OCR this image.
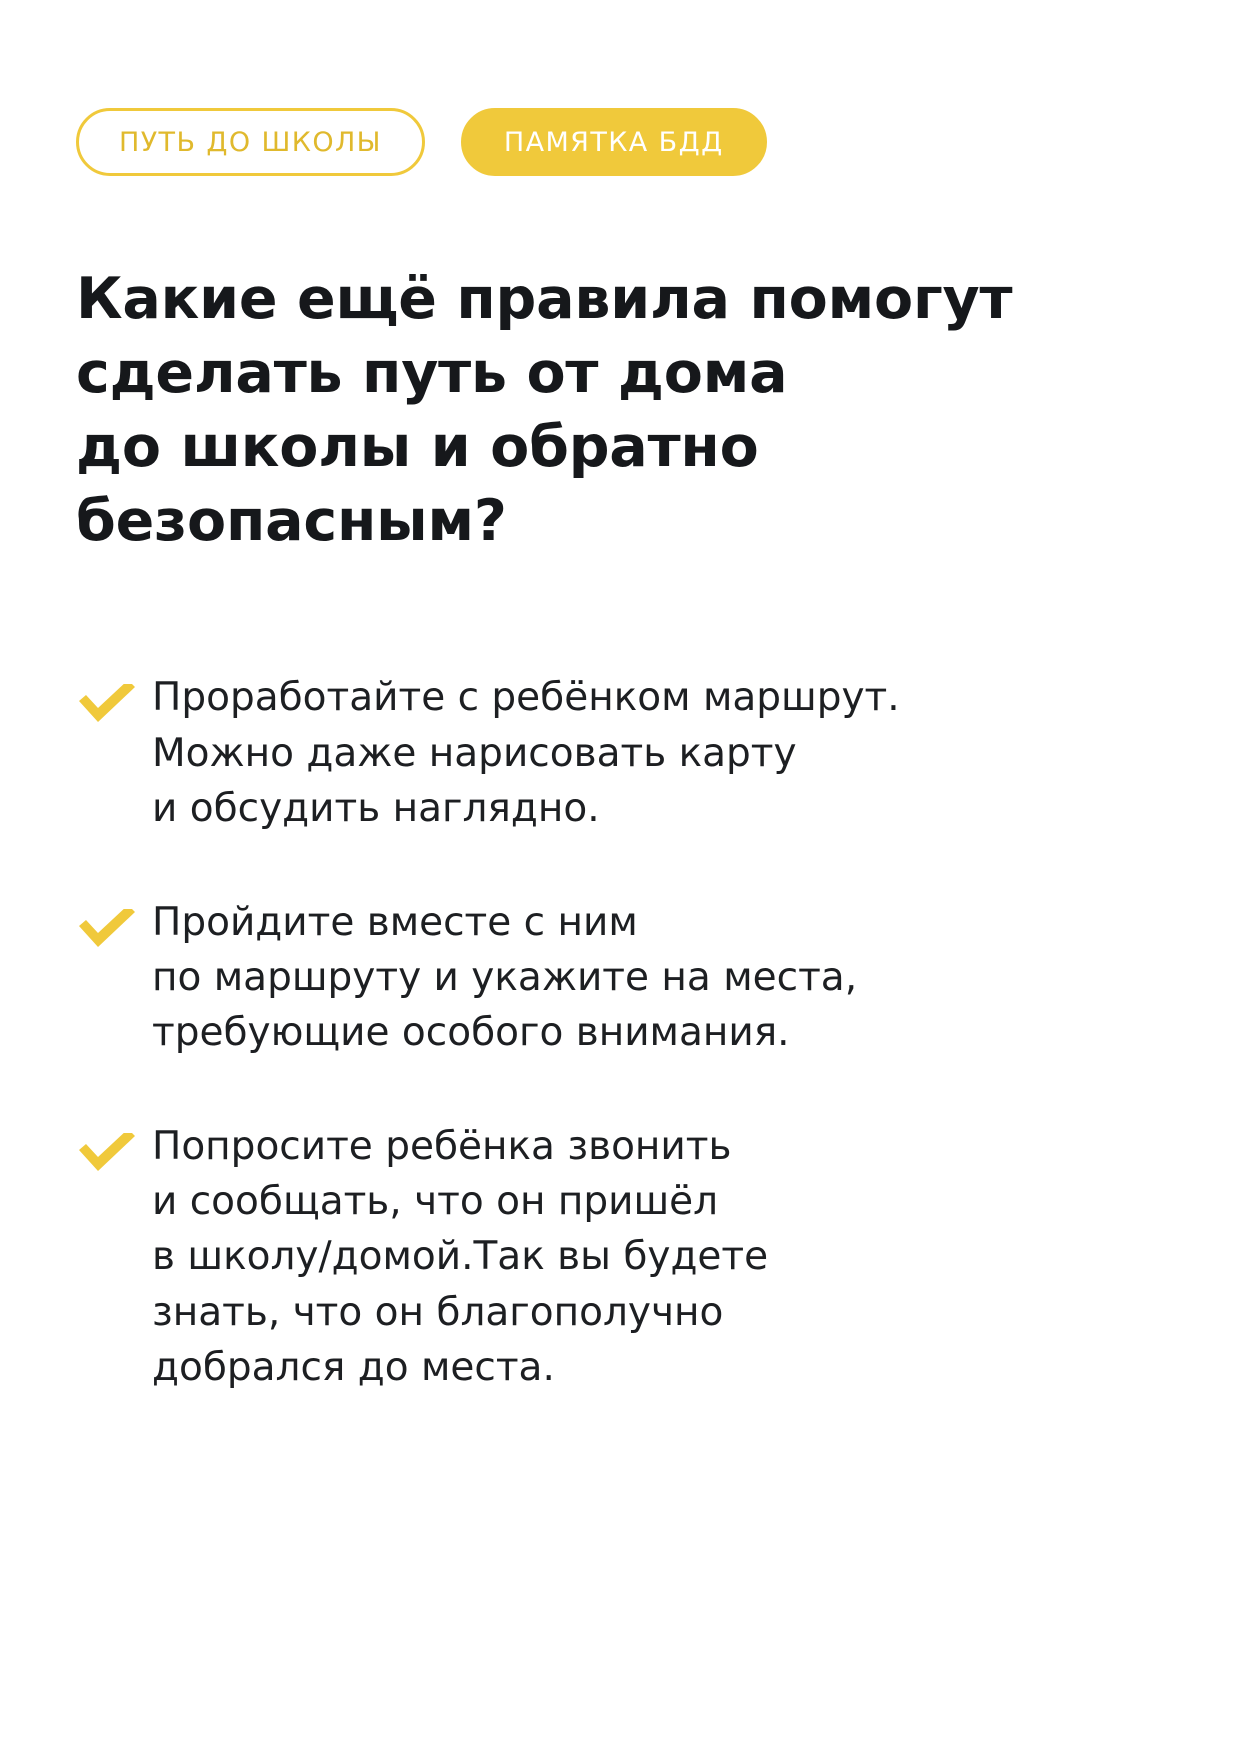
ПУТЬ ДО ШКОЛЫ	ПАМЯТКА БДД
Какие ещё правила помогут
сделать путь от дома
до школы и обратно
безопасным?
Проработайте с ребёнком маршрут.
Можно даже нарисовать карту
и обсудить наглядно.
Пройдите вместе с ним
по маршруту и укажите на места,
требующие особого внимания.
Попросите ребёнка звонить
и сообщать, что он пришёл
в школу/домой.Так вы будете
знать, что он благополучно
добрался до места.
